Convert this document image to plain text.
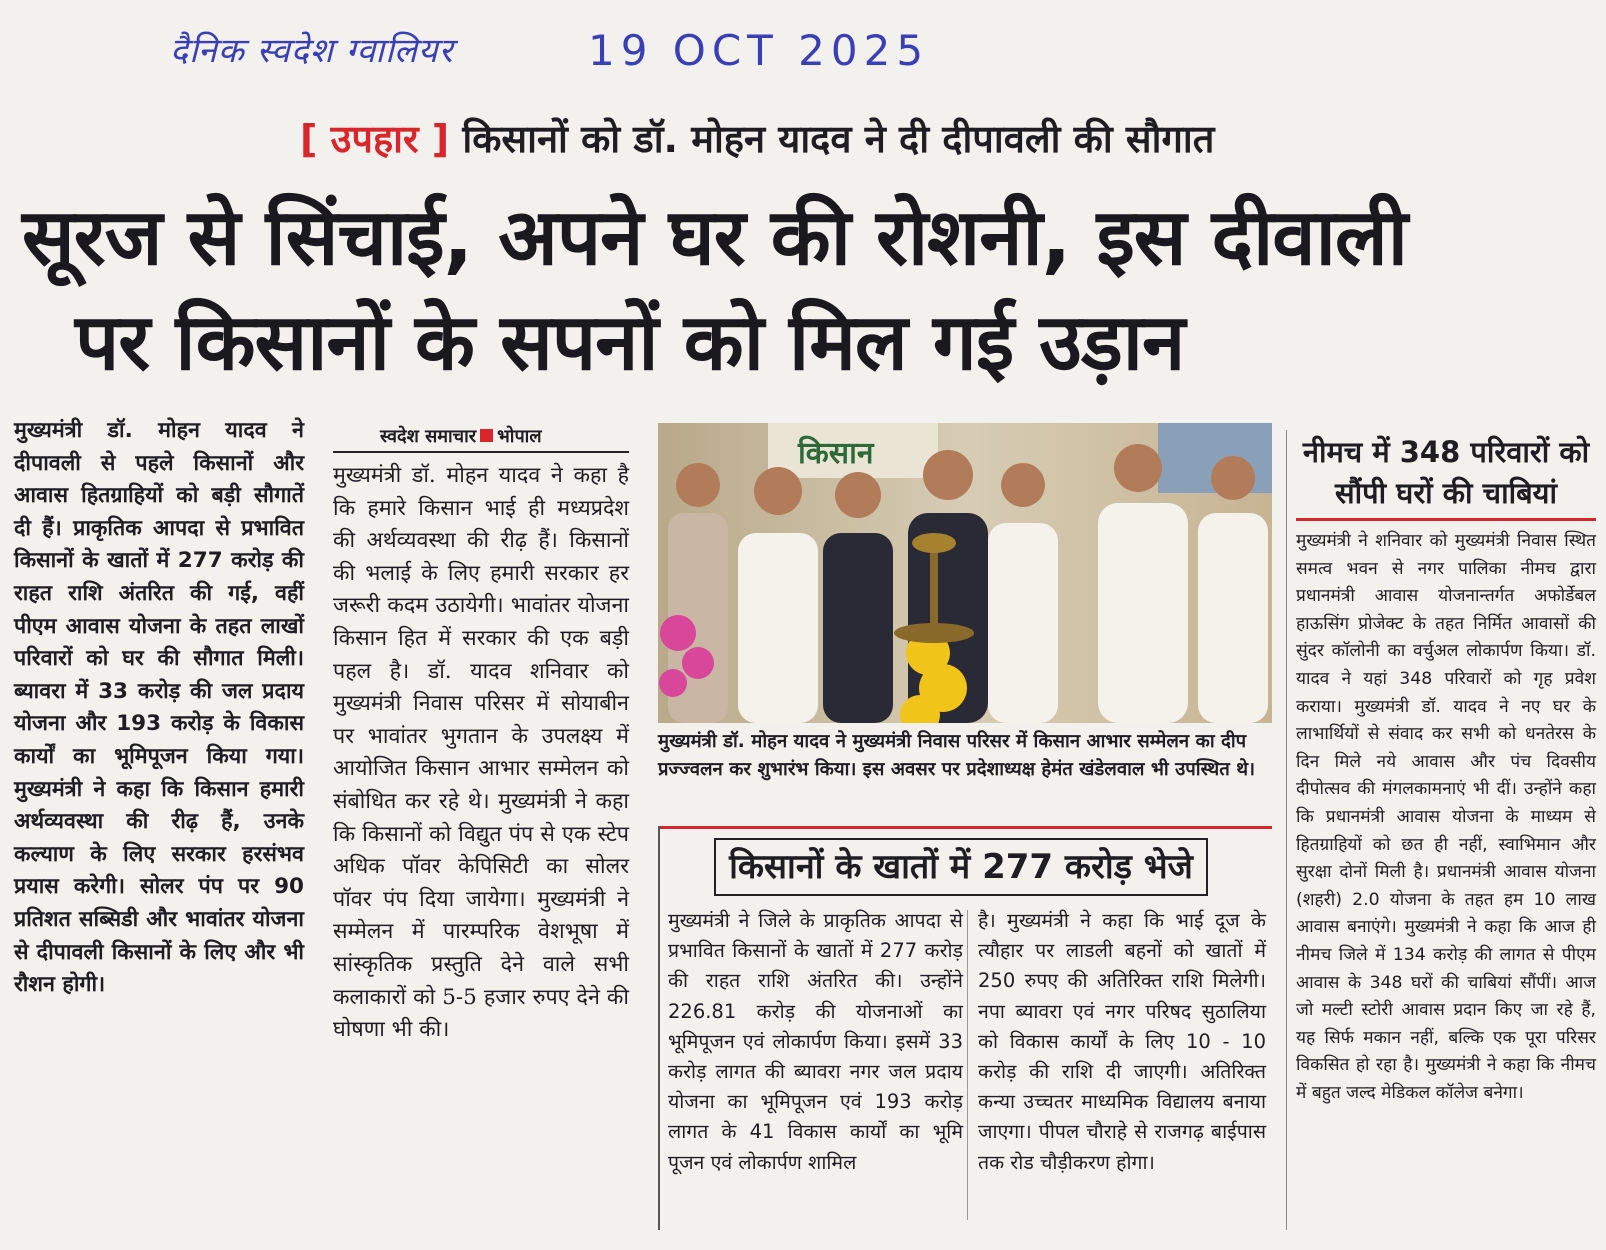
दैनिक स्वदेश ग्वालियर	19 OCT 2025
[ उपहार ] किसानों को डॉ. मोहन यादव ने दी दीपावली की सौगात
सूरज से सिंचाई, अपने घर की रोशनी, इस दीवाली
पर किसानों के सपनों को मिल गई उड़ान
मुख्यमंत्री डॉ. मोहन यादव ने दीपावली से पहले किसानों और आवास हितग्राहियों को बड़ी सौगातें दी हैं। प्राकृतिक आपदा से प्रभावित किसानों के खातों में 277 करोड़ की राहत राशि अंतरित की गई, वहीं पीएम आवास योजना के तहत लाखों परिवारों को घर की सौगात मिली। ब्यावरा में 33 करोड़ की जल प्रदाय योजना और 193 करोड़ के विकास कार्यों का भूमिपूजन किया गया। मुख्यमंत्री ने कहा कि किसान हमारी अर्थव्यवस्था की रीढ़ हैं, उनके कल्याण के लिए सरकार हरसंभव प्रयास करेगी। सोलर पंप पर 90 प्रतिशत सब्सिडी और भावांतर योजना से दीपावली किसानों के लिए और भी रौशन होगी।
स्वदेश समाचार भोपाल
मुख्यमंत्री डॉ. मोहन यादव ने कहा है कि हमारे किसान भाई ही मध्यप्रदेश की अर्थव्यवस्था की रीढ़ हैं। किसानों की भलाई के लिए हमारी सरकार हर जरूरी कदम उठायेगी। भावांतर योजना किसान हित में सरकार की एक बड़ी पहल है। डॉ. यादव शनिवार को मुख्यमंत्री निवास परिसर में सोयाबीन पर भावांतर भुगतान के उपलक्ष्य में आयोजित किसान आभार सम्मेलन को संबोधित कर रहे थे। मुख्यमंत्री ने कहा कि किसानों को विद्युत पंप से एक स्टेप अधिक पॉवर केपिसिटी का सोलर पॉवर पंप दिया जायेगा। मुख्यमंत्री ने सम्मेलन में पारम्परिक वेशभूषा में सांस्कृतिक प्रस्तुति देने वाले सभी कलाकारों को 5-5 हजार रुपए देने की घोषणा भी की।
किसान
मुख्यमंत्री डॉ. मोहन यादव ने मुख्यमंत्री निवास परिसर में किसान आभार सम्मेलन का दीप प्रज्ज्वलन कर शुभारंभ किया। इस अवसर पर प्रदेशाध्यक्ष हेमंत खंडेलवाल भी उपस्थित थे।
किसानों के खातों में 277 करोड़ भेजे
मुख्यमंत्री ने जिले के प्राकृतिक आपदा से प्रभावित किसानों के खातों में 277 करोड़ की राहत राशि अंतरित की। उन्होंने 226.81 करोड़ की योजनाओं का भूमिपूजन एवं लोकार्पण किया। इसमें 33 करोड़ लागत की ब्यावरा नगर जल प्रदाय योजना का भूमिपूजन एवं 193 करोड़ लागत के 41 विकास कार्यों का भूमि पूजन एवं लोकार्पण शामिल
है। मुख्यमंत्री ने कहा कि भाई दूज के त्यौहार पर लाडली बहनों को खातों में 250 रुपए की अतिरिक्त राशि मिलेगी। नपा ब्यावरा एवं नगर परिषद सुठालिया को विकास कार्यों के लिए 10 - 10 करोड़ की राशि दी जाएगी। अतिरिक्त कन्या उच्चतर माध्यमिक विद्यालय बनाया जाएगा। पीपल चौराहे से राजगढ़ बाईपास तक रोड चौड़ीकरण होगा।
नीमच में 348 परिवारों को सौंपी घरों की चाबियां
मुख्यमंत्री ने शनिवार को मुख्यमंत्री निवास स्थित समत्व भवन से नगर पालिका नीमच द्वारा प्रधानमंत्री आवास योजनान्तर्गत अफोर्डेबल हाऊसिंग प्रोजेक्ट के तहत निर्मित आवासों की सुंदर कॉलोनी का वर्चुअल लोकार्पण किया। डॉ. यादव ने यहां 348 परिवारों को गृह प्रवेश कराया। मुख्यमंत्री डॉ. यादव ने नए घर के लाभार्थियों से संवाद कर सभी को धनतेरस के दिन मिले नये आवास और पंच दिवसीय दीपोत्सव की मंगलकामनाएं भी दीं। उन्होंने कहा कि प्रधानमंत्री आवास योजना के माध्यम से हितग्राहियों को छत ही नहीं, स्वाभिमान और सुरक्षा दोनों मिली है। प्रधानमंत्री आवास योजना (शहरी) 2.0 योजना के तहत हम 10 लाख आवास बनाएंगे। मुख्यमंत्री ने कहा कि आज ही नीमच जिले में 134 करोड़ की लागत से पीएम आवास के 348 घरों की चाबियां सौंपीं। आज जो मल्टी स्टोरी आवास प्रदान किए जा रहे हैं, यह सिर्फ मकान नहीं, बल्कि एक पूरा परिसर विकसित हो रहा है। मुख्यमंत्री ने कहा कि नीमच में बहुत जल्द मेडिकल कॉलेज बनेगा।
